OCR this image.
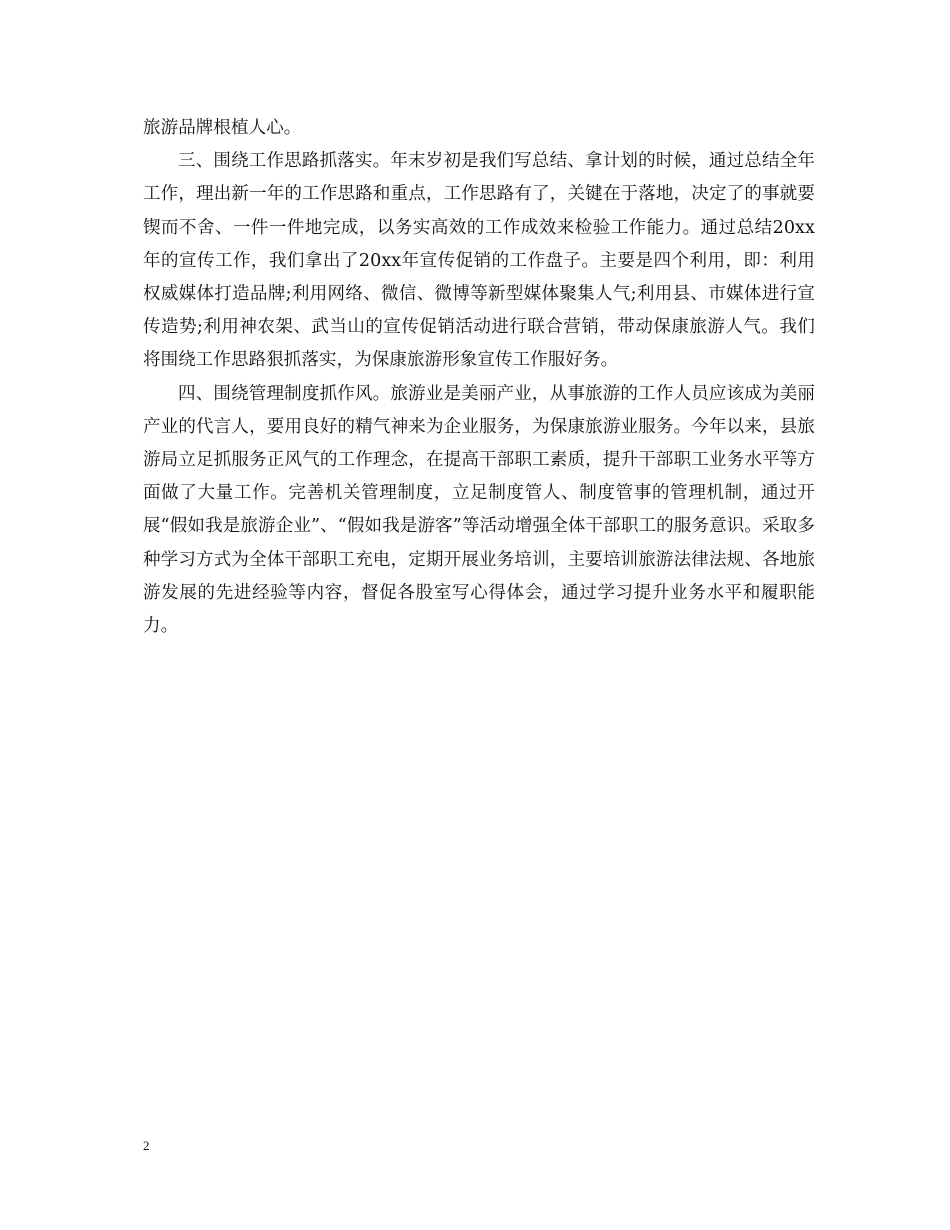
旅游品牌根植人心。

三、围绕工作思路抓落实。年末岁初是我们写总结、拿计划的时候，通过总结全年工作，理出新一年的工作思路和重点，工作思路有了，关键在于落地，决定了的事就要锲而不舍、一件一件地完成，以务实高效的工作成效来检验工作能力。通过总结20xx年的宣传工作，我们拿出了20xx年宣传促销的工作盘子。主要是四个利用，即：利用权威媒体打造品牌;利用网络、微信、微博等新型媒体聚集人气;利用县、市媒体进行宣传造势;利用神农架、武当山的宣传促销活动进行联合营销，带动保康旅游人气。我们将围绕工作思路狠抓落实，为保康旅游形象宣传工作服好务。

四、围绕管理制度抓作风。旅游业是美丽产业，从事旅游的工作人员应该成为美丽产业的代言人，要用良好的精气神来为企业服务，为保康旅游业服务。今年以来，县旅游局立足抓服务正风气的工作理念，在提高干部职工素质，提升干部职工业务水平等方面做了大量工作。完善机关管理制度，立足制度管人、制度管事的管理机制，通过开展“假如我是旅游企业”、“假如我是游客”等活动增强全体干部职工的服务意识。采取多种学习方式为全体干部职工充电，定期开展业务培训，主要培训旅游法律法规、各地旅游发展的先进经验等内容，督促各股室写心得体会，通过学习提升业务水平和履职能力。

2
